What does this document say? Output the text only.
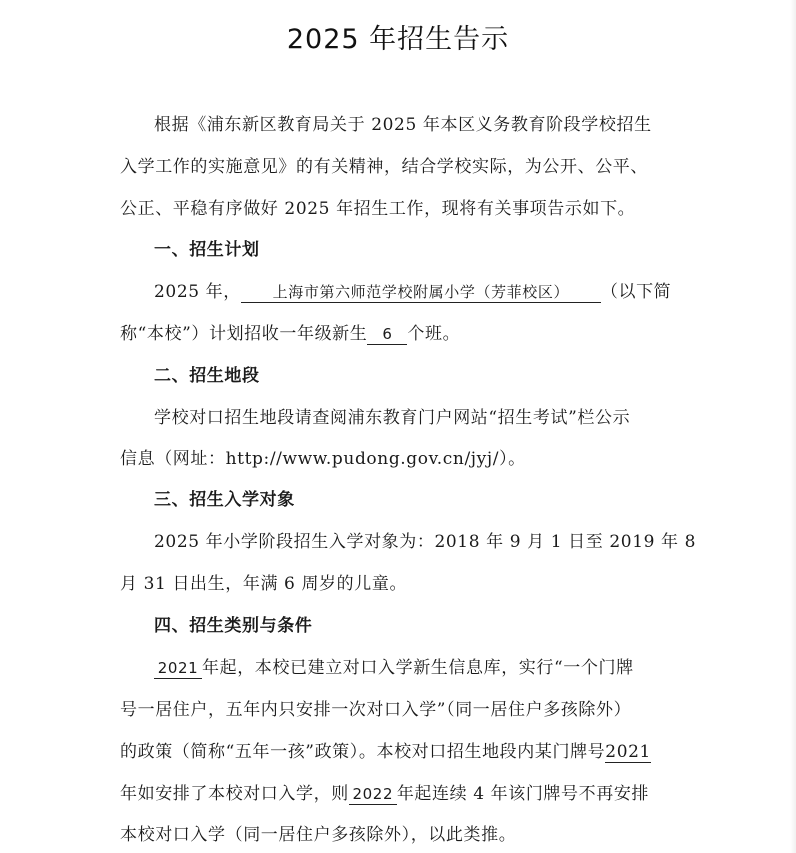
2025 年招生告示
根据《浦东新区教育局关于 2025 年本区义务教育阶段学校招生
入学工作的实施意见》的有关精神，结合学校实际，为公开、公平、
公正、平稳有序做好 2025 年招生工作，现将有关事项告示如下。
一、招生计划
2025 年， 上海市第六师范学校附属小学（芳菲校区） （以下简
称“本校”）计划招收一年级新生 6 个班。
二、招生地段
学校对口招生地段请查阅浦东教育门户网站“招生考试”栏公示
信息（网址：http://www.pudong.gov.cn/jyj/）。
三、招生入学对象
2025 年小学阶段招生入学对象为：2018 年 9 月 1 日至 2019 年 8
月 31 日出生，年满 6 周岁的儿童。
四、招生类别与条件
2021 年起，本校已建立对口入学新生信息库，实行“一个门牌
号一居住户，五年内只安排一次对口入学”（同一居住户多孩除外）
的政策（简称“五年一孩”政策）。本校对口招生地段内某门牌号2021
年如安排了本校对口入学，则 2022 年起连续 4 年该门牌号不再安排
本校对口入学（同一居住户多孩除外），以此类推。
